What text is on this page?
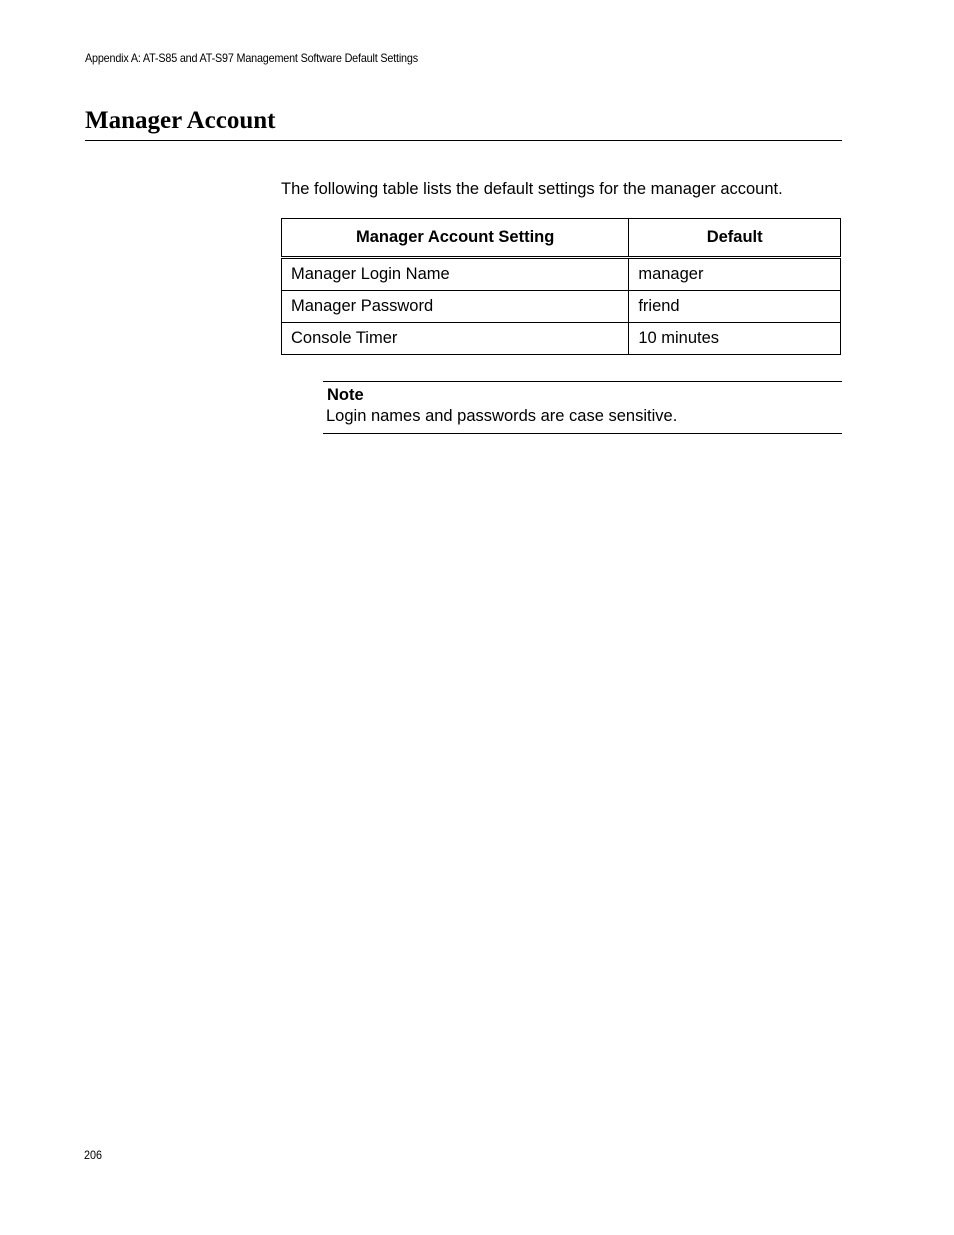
Appendix A: AT-S85 and AT-S97 Management Software Default Settings
Manager Account

The following table lists the default settings for the manager account.

Manager Account Setting	Default
Manager Login Name	manager
Manager Password	friend
Console Timer	10 minutes
Note
Login names and passwords are case sensitive.
206
